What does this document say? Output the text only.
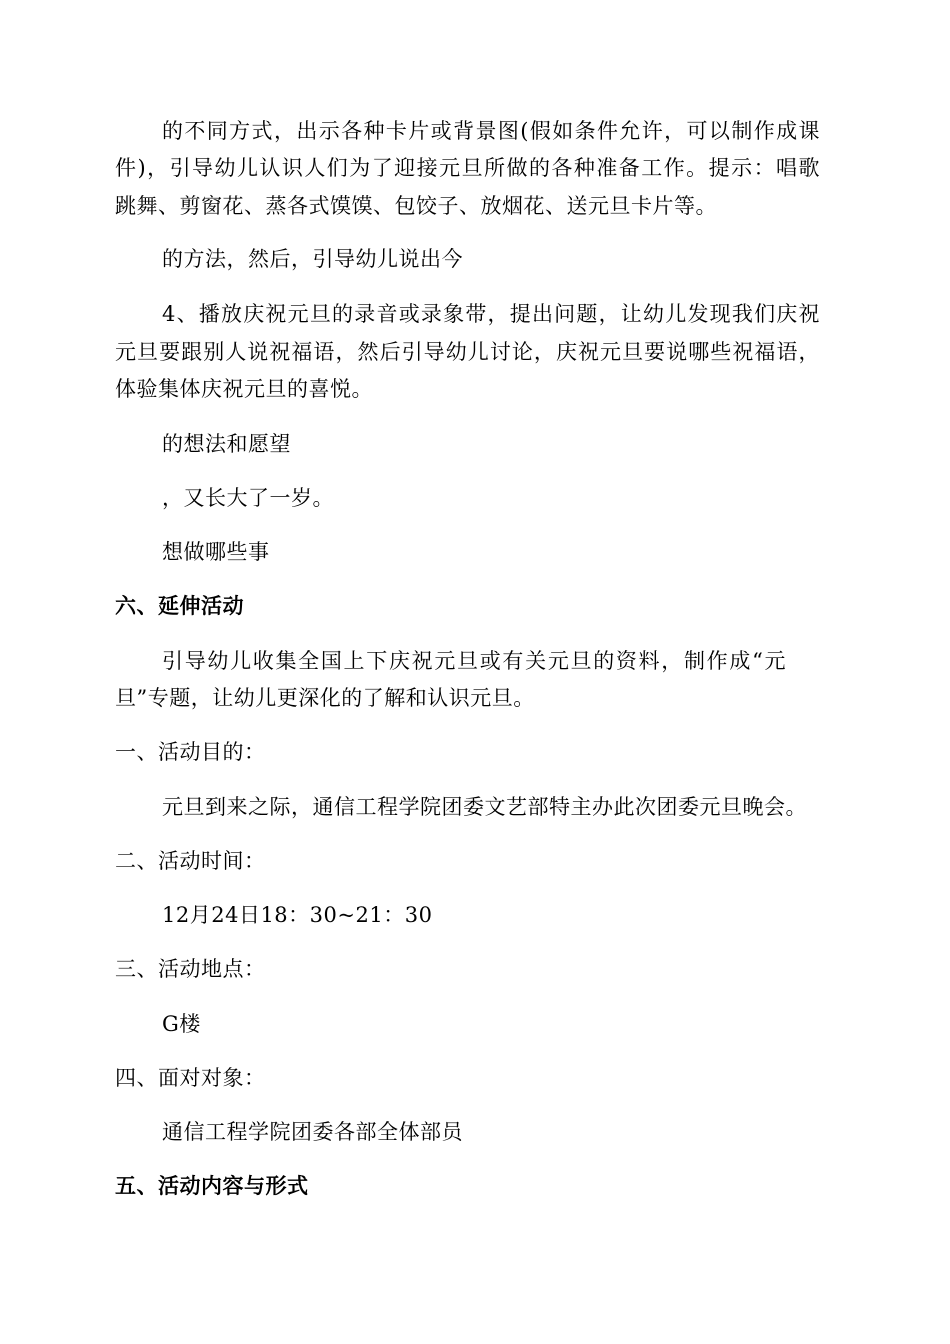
的不同方式，出示各种卡片或背景图(假如条件允许，可以制作成课
件)，引导幼儿认识人们为了迎接元旦所做的各种准备工作。提示：唱歌
跳舞、剪窗花、蒸各式馍馍、包饺子、放烟花、送元旦卡片等。
的方法，然后，引导幼儿说出今
4、播放庆祝元旦的录音或录象带，提出问题，让幼儿发现我们庆祝
元旦要跟别人说祝福语，然后引导幼儿讨论，庆祝元旦要说哪些祝福语，
体验集体庆祝元旦的喜悦。
的想法和愿望
，又长大了一岁。
想做哪些事
六、延伸活动
引导幼儿收集全国上下庆祝元旦或有关元旦的资料，制作成“元
旦”专题，让幼儿更深化的了解和认识元旦。
一、活动目的：
元旦到来之际，通信工程学院团委文艺部特主办此次团委元旦晚会。
二、活动时间：
12月24日18：30~21：30
三、活动地点：
G楼
四、面对对象：
通信工程学院团委各部全体部员
五、活动内容与形式
